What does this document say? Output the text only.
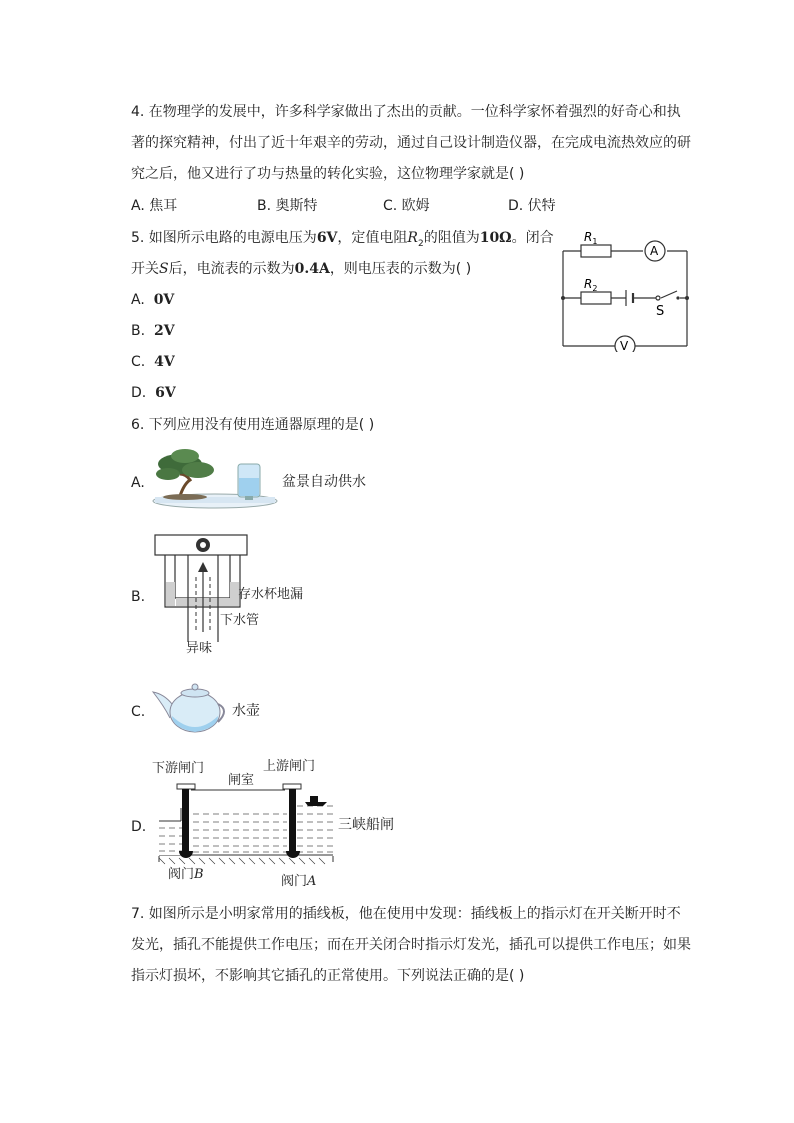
4. 在物理学的发展中，许多科学家做出了杰出的贡献。一位科学家怀着强烈的好奇心和执
著的探究精神，付出了近十年艰辛的劳动，通过自己设计制造仪器，在完成电流热效应的研
究之后，他又进行了功与热量的转化实验，这位物理学家就是( )
A. 焦耳	B. 奥斯特	C. 欧姆	D. 伏特
5. 如图所示电路的电源电压为6V，定值电阻$R_2$的阻值为10Ω。闭合
开关S后，电流表的示数为0.4A，则电压表的示数为( )
A. 0V
B. 2V
C. 4V
D. 6V
$R_1$
$R_2$
A
V
S
6. 下列应用没有使用连通器原理的是( )
A.	盆景自动供水
B.	存水杯地漏
下水管
异味
C.	水壶
D.
下游闸门
闸室
上游闸门
三峡船闸
阀门B	阀门A
7. 如图所示是小明家常用的插线板，他在使用中发现：插线板上的指示灯在开关断开时不
发光，插孔不能提供工作电压；而在开关闭合时指示灯发光，插孔可以提供工作电压；如果
指示灯损坏，不影响其它插孔的正常使用。下列说法正确的是( )
